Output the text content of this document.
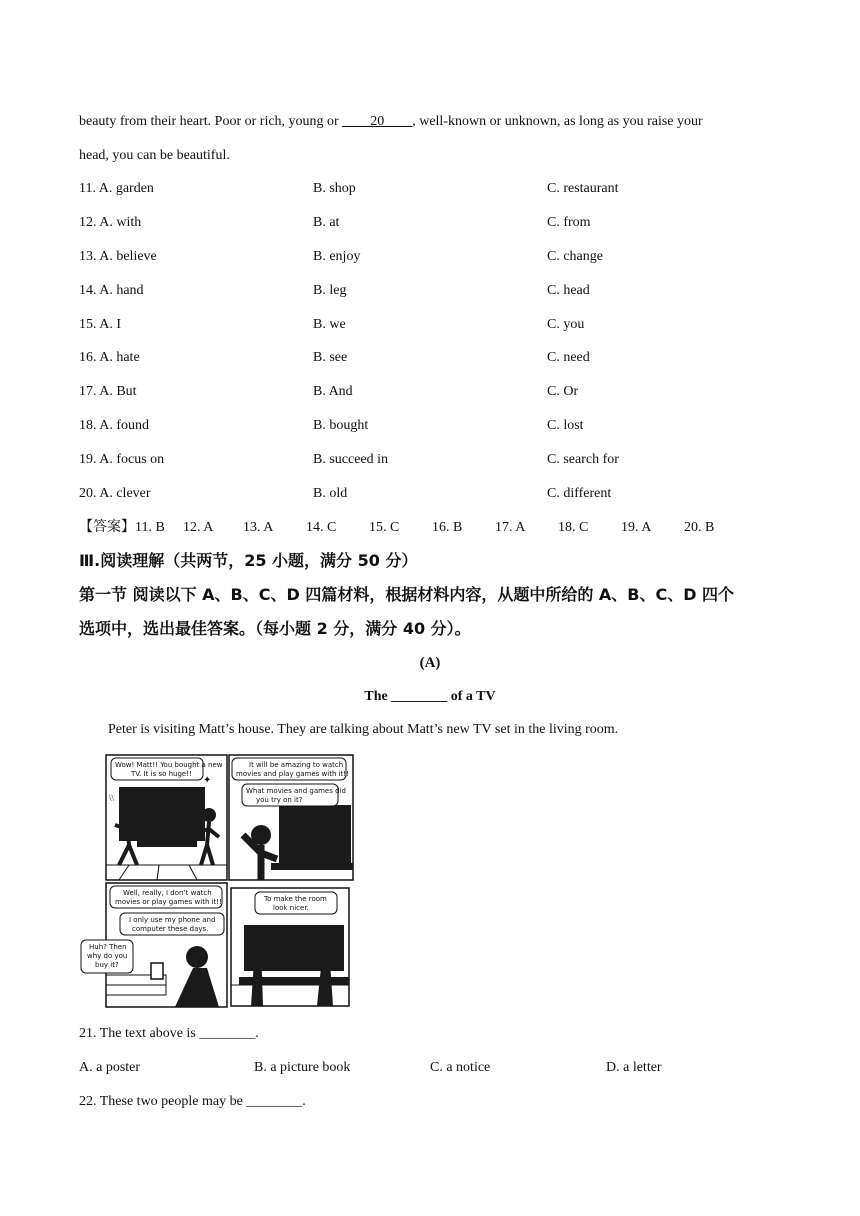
beauty from their heart. Poor or rich, young or ____20____, well-known or unknown, as long as you raise your
head, you can be beautiful.
11. A. garden	B. shop	C. restaurant
12. A. with	B. at	C. from
13. A. believe	B. enjoy	C. change
14. A. hand	B. leg	C. head
15. A. I	B. we	C. you
16. A. hate	B. see	C. need
17. A. But	B. And	C. Or
18. A. found	B. bought	C. lost
19. A. focus on	B. succeed in	C. search for
20. A. clever	B. old	C. different
【答案】11. B 12. A 13. A 14. C 15. C 16. B 17. A 18. C 19. A 20. B
Ⅲ.阅读理解（共两节，25 小题，满分 50 分）
第一节 阅读以下 A、B、C、D 四篇材料，根据材料内容，从题中所给的 A、B、C、D 四个
选项中，选出最佳答案。（每小题 2 分，满分 40 分）。
(A)
The ________ of a TV
Peter is visiting Matt’s house. They are talking about Matt’s new TV set in the living room.
Wow! Matt!! You bought a new
TV. It is so huge!!
✦
\\
It will be amazing to watch
movies and play games with it!!
What movies and games did
you try on it?
Well, really, I don’t watch
movies or play games with it!!
I only use my phone and
computer these days.
Huh? Then
why do you
buy it?
To make the room
look nicer.
21. The text above is ________.
A. a poster	B. a picture book	C. a notice	D. a letter
22. These two people may be ________.
